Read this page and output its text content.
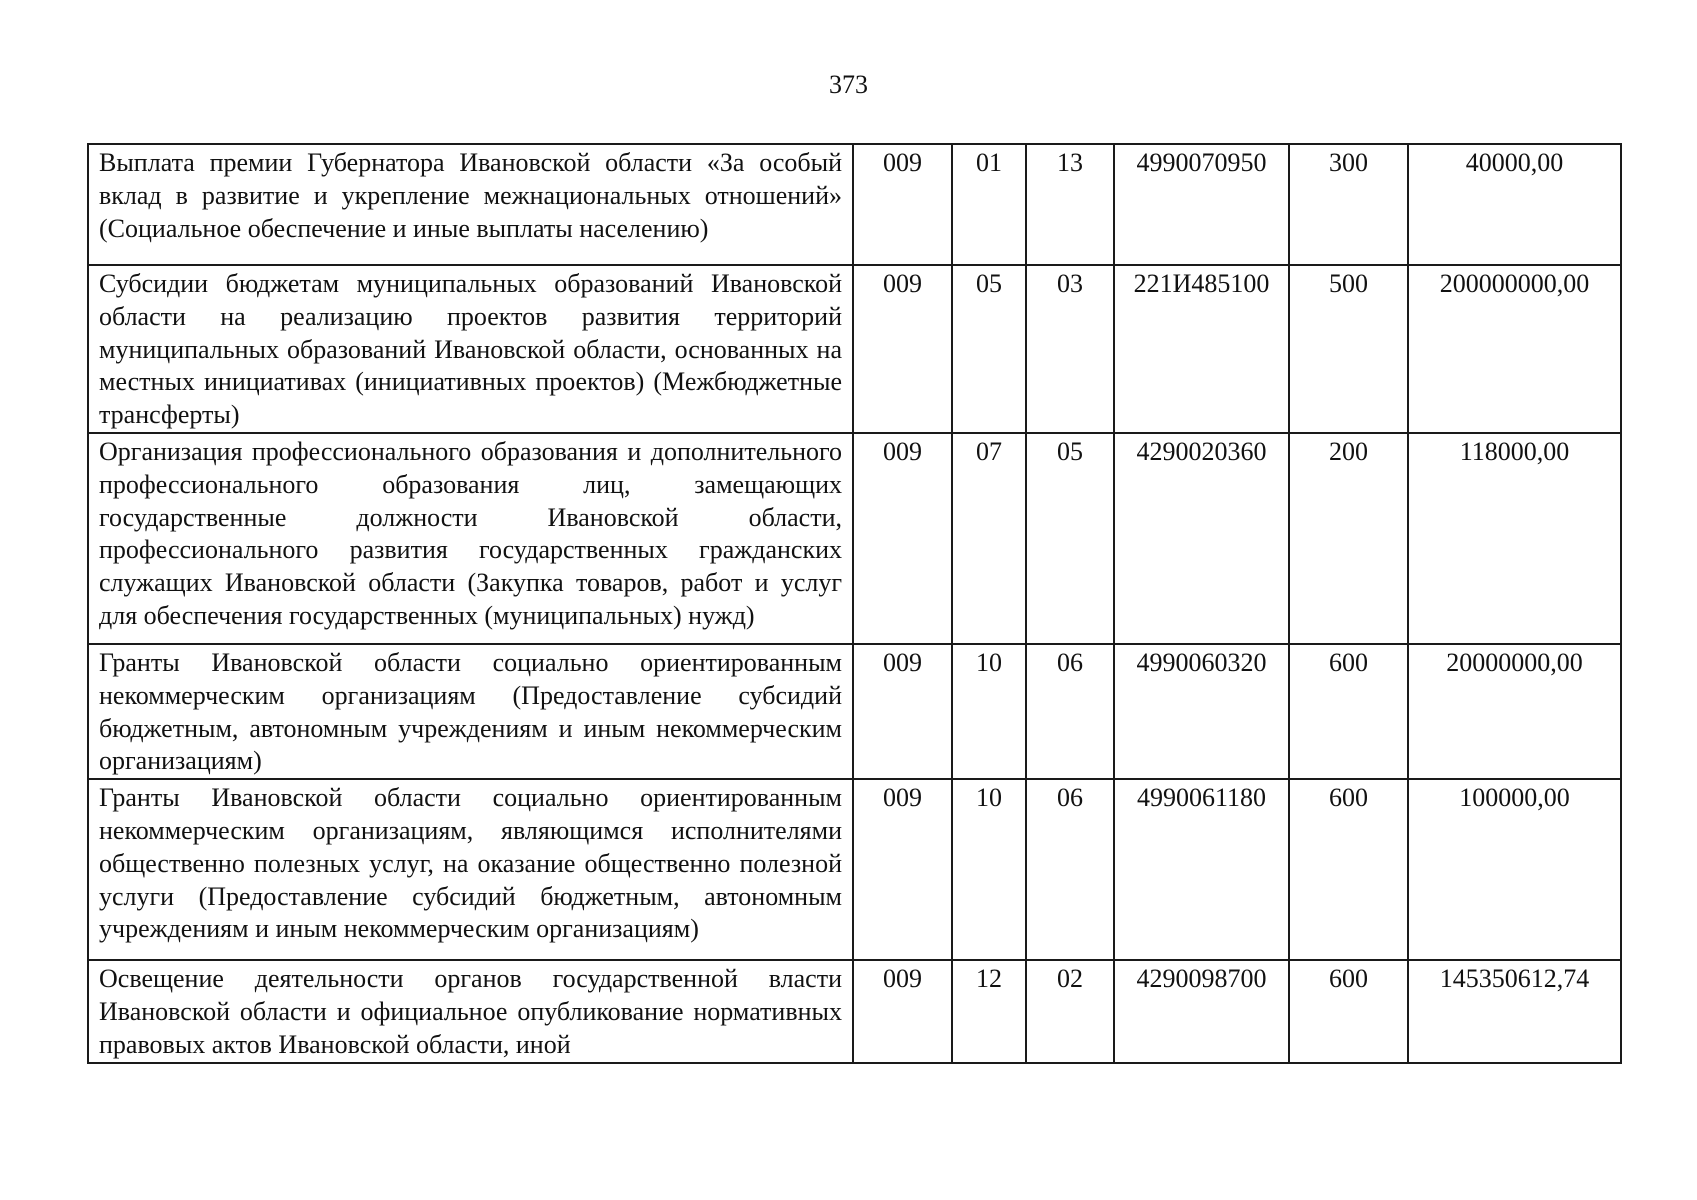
373
Выплата премии Губернатора Ивановской области «За особый вклад в развитие и укрепление межнациональных отношений» (Социальное обеспечение и иные выплаты населению)	009	01	13	4990070950	300	40000,00
Субсидии бюджетам муниципальных образований Ивановской области на реализацию проектов развития территорий муниципальных образований Ивановской области, основанных на местных инициативах (инициативных проектов) (Межбюджетные трансферты)	009	05	03	221И485100	500	200000000,00
Организация профессионального образования и дополнительного профессионального образования лиц, замещающих государственные должности Ивановской области, профессионального развития государственных гражданских служащих Ивановской области (Закупка товаров, работ и услуг для обеспечения государственных (муниципальных) нужд)	009	07	05	4290020360	200	118000,00
Гранты Ивановской области социально ориентированным некоммерческим организациям (Предоставление субсидий бюджетным, автономным учреждениям и иным некоммерческим организациям)	009	10	06	4990060320	600	20000000,00
Гранты Ивановской области социально ориентированным некоммерческим организациям, являющимся исполнителями общественно полезных услуг, на оказание общественно полезной услуги (Предоставление субсидий бюджетным, автономным учреждениям и иным некоммерческим организациям)	009	10	06	4990061180	600	100000,00
Освещение деятельности органов государственной власти Ивановской области и официальное опубликование нормативных правовых актов Ивановской области, иной	009	12	02	4290098700	600	145350612,74
